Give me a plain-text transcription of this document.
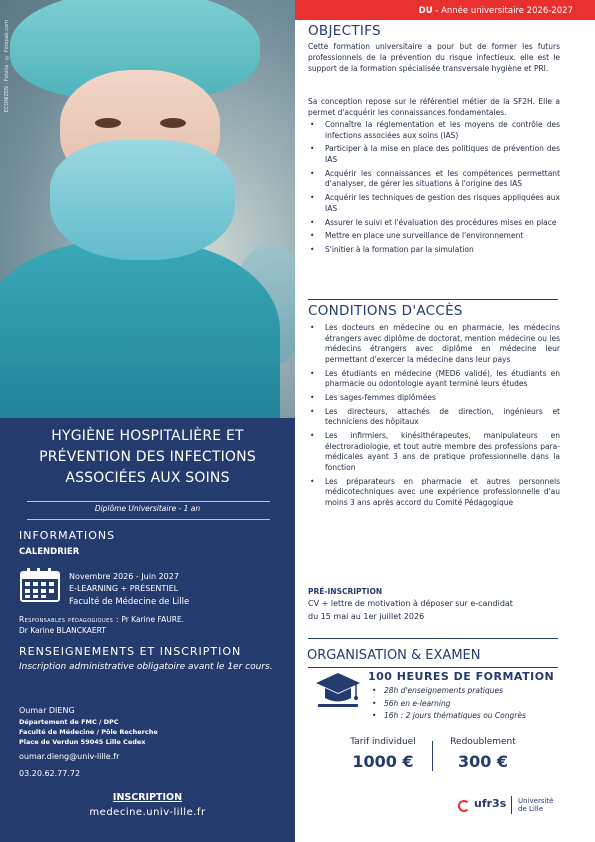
ECONIZEN · Fotolia - © Fotopak.com
HYGIÈNE HOSPITALIÈRE ET
PRÉVENTION DES INFECTIONS
ASSOCIÉES AUX SOINS
Diplôme Universitaire - 1 an
INFORMATIONS
CALENDRIER
Novembre 2026 - Juin 2027
E-LEARNING + PRÉSENTIEL
Faculté de Médecine de Lille
Responsables pédagogiques : Pr Karine FAURE.
Dr Karine BLANCKAERT
RENSEIGNEMENTS ET INSCRIPTION
Inscription administrative obligatoire avant le 1er cours.
Oumar DIENG
Département de FMC / DPC
Faculté de Médecine / Pôle Recherche
Place de Verdun 59045 Lille Cedex
oumar.dieng@univ-lille.fr
03.20.62.77.72
INSCRIPTION
medecine.univ-lille.fr
DU - Année universitaire 2026-2027
OBJECTIFS
Cette formation universitaire a pour but de former les futurs professionnels de la prévention du risque infectieux. elle est le support de la formation spécialisée transversale hygiène et PRI.
Sa conception repose sur le référentiel métier de la SF2H. Elle a permet d'acquérir les connaissances fondamentales.
• Connaître la réglementation et les moyens de contrôle des infections associées aux soins (IAS)
• Participer à la mise en place des politiques de prévention des IAS
• Acquérir les connaissances et les compétences permettant d'analyser, de gérer les situations à l'origine des IAS
• Acquérir les techniques de gestion des risques appliquées aux IAS
• Assurer le suivi et l'évaluation des procédures mises en place
• Mettre en place une surveillance de l'environnement
• S'initier à la formation par la simulation
CONDITIONS D'ACCÈS
• Les docteurs en médecine ou en pharmacie, les médecins étrangers avec diplôme de doctorat, mention médecine ou les médecins étrangers avec diplôme en médecine leur permettant d'exercer la médecine dans leur pays
• Les étudiants en médecine (MED6 validé), les étudiants en pharmacie ou odontologie ayant terminé leurs études
• Les sages-femmes diplômées
• Les directeurs, attachés de direction, ingénieurs et techniciens des hôpitaux
• Les infirmiers, kinésithérapeutes, manipulateurs en électroradiologie, et tout autre membre des professions para-médicales ayant 3 ans de pratique professionnelle dans la fonction
• Les préparateurs en pharmacie et autres personnels médicotechniques avec une expérience professionnelle d'au moins 3 ans après accord du Comité Pédagogique
PRÉ-INSCRIPTION
CV + lettre de motivation à déposer sur e-candidat
du 15 mai au 1er juillet 2026
ORGANISATION & EXAMEN
100 HEURES DE FORMATION
• 28h d'enseignements pratiques
• 56h en e-learning
• 16h : 2 jours thématiques ou Congrès
Tarif individuel
1000 €
Redoublement
300 €
ufr3s Université
de Lille
